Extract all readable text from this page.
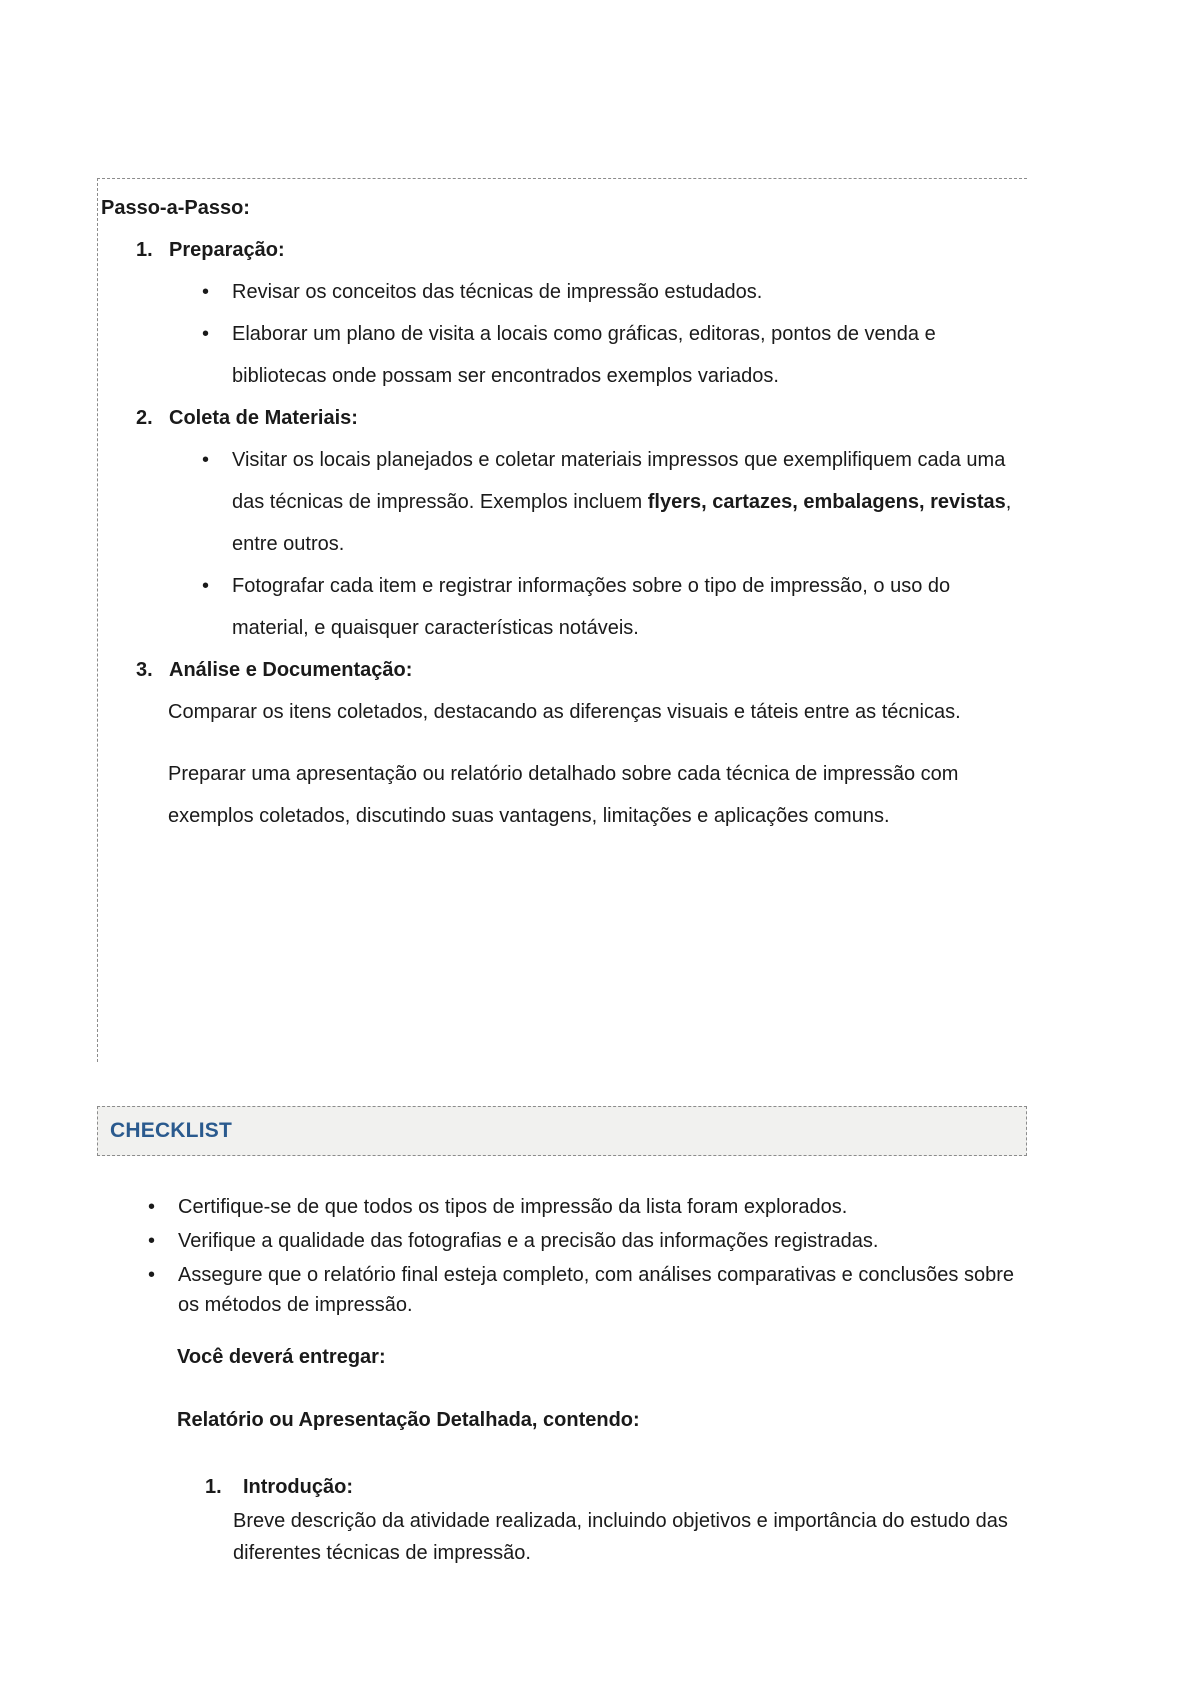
Passo-a-Passo:
1. Preparação:
•	Revisar os conceitos das técnicas de impressão estudados.
•	Elaborar um plano de visita a locais como gráficas, editoras, pontos de venda e bibliotecas onde possam ser encontrados exemplos variados.
2. Coleta de Materiais:
•	Visitar os locais planejados e coletar materiais impressos que exemplifiquem cada uma das técnicas de impressão. Exemplos incluem flyers, cartazes, embalagens, revistas, entre outros.
•	Fotografar cada item e registrar informações sobre o tipo de impressão, o uso do material, e quaisquer características notáveis.
3. Análise e Documentação:
Comparar os itens coletados, destacando as diferenças visuais e táteis entre as técnicas.
Preparar uma apresentação ou relatório detalhado sobre cada técnica de impressão com exemplos coletados, discutindo suas vantagens, limitações e aplicações comuns.
CHECKLIST
•	Certifique-se de que todos os tipos de impressão da lista foram explorados.
•	Verifique a qualidade das fotografias e a precisão das informações registradas.
•	Assegure que o relatório final esteja completo, com análises comparativas e conclusões sobre os métodos de impressão.
Você deverá entregar:
Relatório ou Apresentação Detalhada, contendo:
1. Introdução:
Breve descrição da atividade realizada, incluindo objetivos e importância do estudo das diferentes técnicas de impressão.
